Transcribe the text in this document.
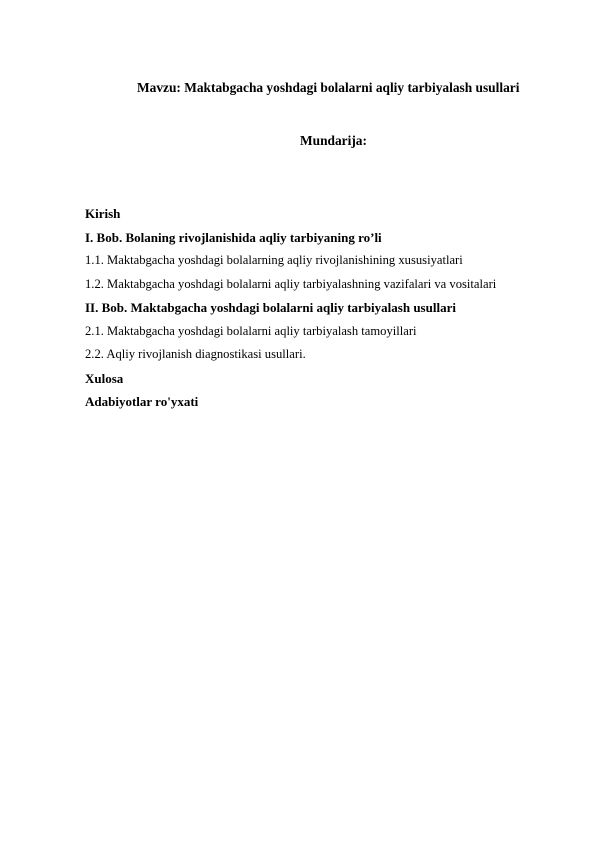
Mavzu: Maktabgacha yoshdagi bolalarni aqliy tarbiyalash usullari
Mundarija:
Kirish
I. Bob. Bolaning rivojlanishida aqliy tarbiyaning ro’li
1.1. Maktabgacha yoshdagi bolalarning aqliy rivojlanishining xususiyatlari
1.2. Maktabgacha yoshdagi bolalarni aqliy tarbiyalashning vazifalari va vositalari
II. Bob. Maktabgacha yoshdagi bolalarni aqliy tarbiyalash usullari
2.1. Maktabgacha yoshdagi bolalarni aqliy tarbiyalash tamoyillari
2.2. Aqliy rivojlanish diagnostikasi usullari.
Xulosa
Adabiyotlar ro'yxati
